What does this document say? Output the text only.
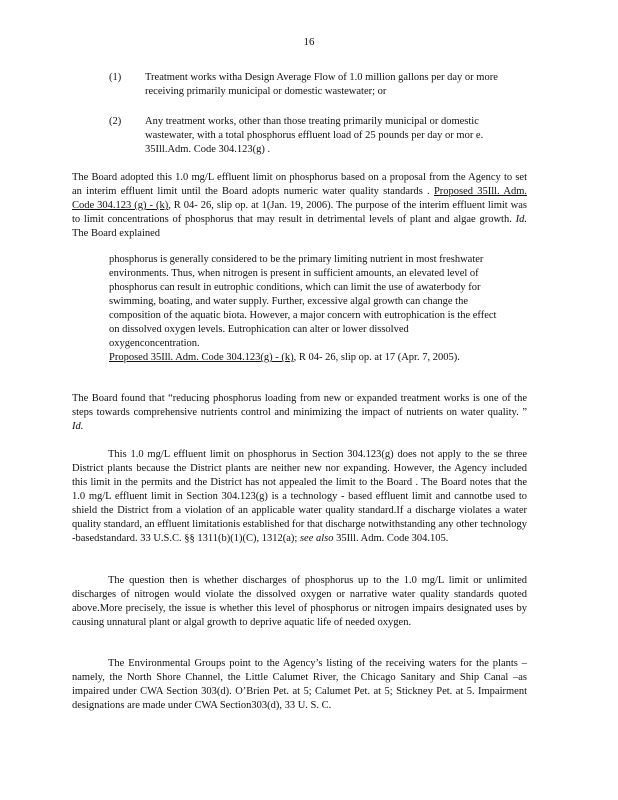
16
(1)	Treatment works witha Design Average Flow of 1.0 million gallons per day or more receiving primarily municipal or domestic wastewater; or
(2)	Any treatment works, other than those treating primarily municipal or domestic wastewater, with a total phosphorus effluent load of 25 pounds per day or mor e. 35Ill.Adm. Code 304.123(g) .
The Board adopted this 1.0 mg/L effluent limit on phosphorus based on a proposal from the Agency to set an interim effluent limit until the Board adopts numeric water quality standards . Proposed 35Ill. Adm. Code 304.123 (g) - (k), R 04- 26, slip op. at 1(Jan. 19, 2006). The purpose of the interim effluent limit was to limit concentrations of phosphorus that may result in detrimental levels of plant and algae growth. Id. The Board explained
phosphorus is generally considered to be the primary limiting nutrient in most freshwater environments. Thus, when nitrogen is present in sufficient amounts, an elevated level of phosphorus can result in eutrophic conditions, which can limit the use of awaterbody for swimming, boating, and water supply. Further, excessive algal growth can change the composition of the aquatic biota. However, a major concern with eutrophication is the effect on dissolved oxygen levels. Eutrophication can alter or lower dissolved oxygenconcentration.
Proposed 35Ill. Adm. Code 304.123(g) - (k), R 04- 26, slip op. at 17 (Apr. 7, 2005).
The Board found that “reducing phosphorus loading from new or expanded treatment works is one of the steps towards comprehensive nutrients control and minimizing the impact of nutrients on water quality. ” Id.
This 1.0 mg/L effluent limit on phosphorus in Section 304.123(g) does not apply to the se three District plants because the District plants are neither new nor expanding. However, the Agency included this limit in the permits and the District has not appealed the limit to the Board . The Board notes that the 1.0 mg/L effluent limit in Section 304.123(g) is a technology - based effluent limit and cannotbe used to shield the District from a violation of an applicable water quality standard.If a discharge violates a water quality standard, an effluent limitationis established for that discharge notwithstanding any other technology -basedstandard. 33 U.S.C. §§ 1311(b)(1)(C), 1312(a); see also 35Ill. Adm. Code 304.105.
The question then is whether discharges of phosphorus up to the 1.0 mg/L limit or unlimited discharges of nitrogen would violate the dissolved oxygen or narrative water quality standards quoted above.More precisely, the issue is whether this level of phosphorus or nitrogen impairs designated uses by causing unnatural plant or algal growth to deprive aquatic life of needed oxygen.
The Environmental Groups point to the Agency’s listing of the receiving waters for the plants –namely, the North Shore Channel, the Little Calumet River, the Chicago Sanitary and Ship Canal –as impaired under CWA Section 303(d). O’Brien Pet. at 5; Calumet Pet. at 5; Stickney Pet. at 5. Impairment designations are made under CWA Section303(d), 33 U. S. C.
